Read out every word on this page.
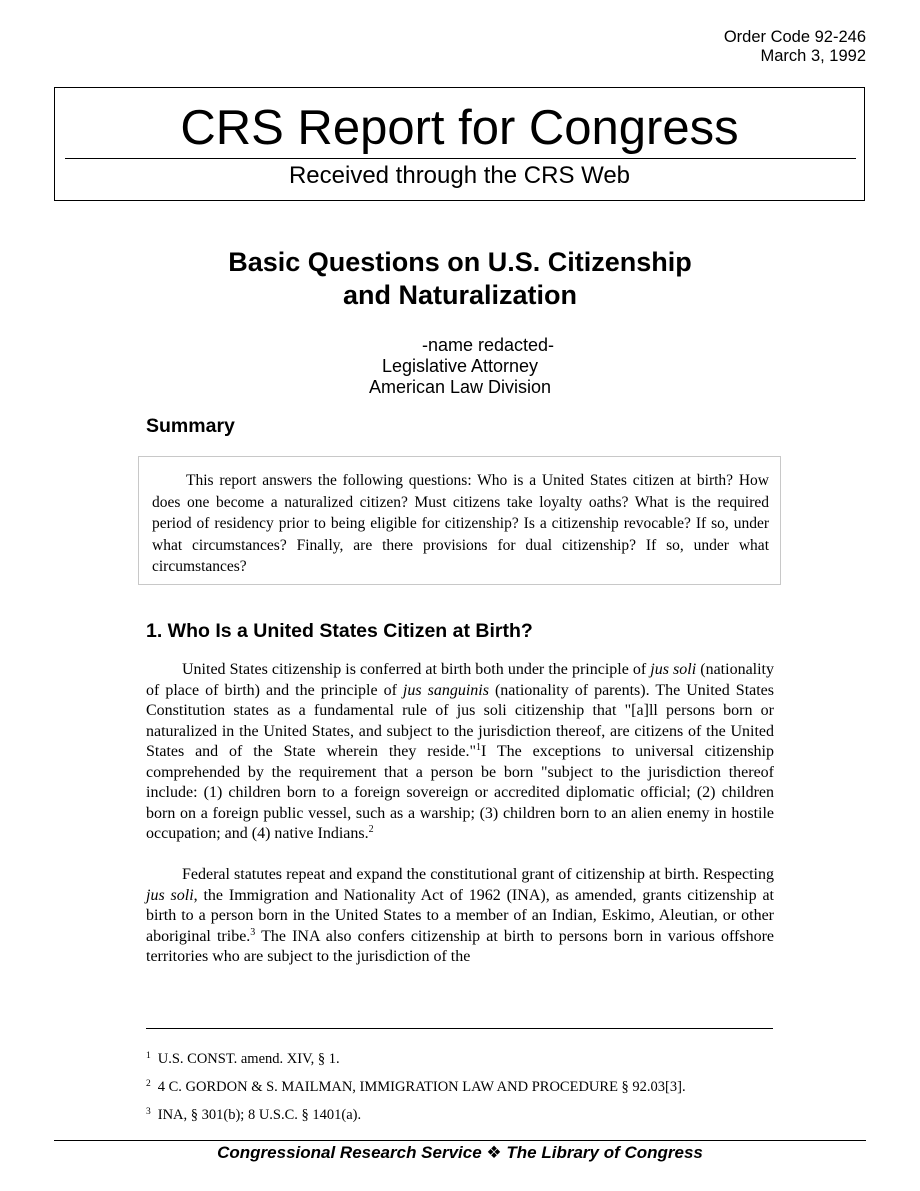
Order Code 92-246
March 3, 1992
CRS Report for Congress
Received through the CRS Web
Basic Questions on U.S. Citizenship
and Naturalization
-name redacted-
Legislative Attorney
American Law Division
Summary

This report answers the following questions: Who is a United States citizen at birth? How does one become a naturalized citizen? Must citizens take loyalty oaths? What is the required period of residency prior to being eligible for citizenship? Is a citizenship revocable? If so, under what circumstances? Finally, are there provisions for dual citizenship? If so, under what circumstances?

1. Who Is a United States Citizen at Birth?

United States citizenship is conferred at birth both under the principle of jus soli (nationality of place of birth) and the principle of jus sanguinis (nationality of parents). The United States Constitution states as a fundamental rule of jus soli citizenship that "[a]ll persons born or naturalized in the United States, and subject to the jurisdiction thereof, are citizens of the United States and of the State wherein they reside."$^1$I The exceptions to universal citizenship comprehended by the requirement that a person be born "subject to the jurisdiction thereof include: (1) children born to a foreign sovereign or accredited diplomatic official; (2) children born on a foreign public vessel, such as a warship; (3) children born to an alien enemy in hostile occupation; and (4) native Indians.$^2$

Federal statutes repeat and expand the constitutional grant of citizenship at birth. Respecting jus soli, the Immigration and Nationality Act of 1962 (INA), as amended, grants citizenship at birth to a person born in the United States to a member of an Indian, Eskimo, Aleutian, or other aboriginal tribe.$^3$ The INA also confers citizenship at birth to persons born in various offshore territories who are subject to the jurisdiction of the

$^1$ U.S. CONST. amend. XIV, § 1.
$^2$ 4 C. GORDON & S. MAILMAN, IMMIGRATION LAW AND PROCEDURE § 92.03[3].
$^3$ INA, § 301(b); 8 U.S.C. § 1401(a).
Congressional Research Service ❖ The Library of Congress
